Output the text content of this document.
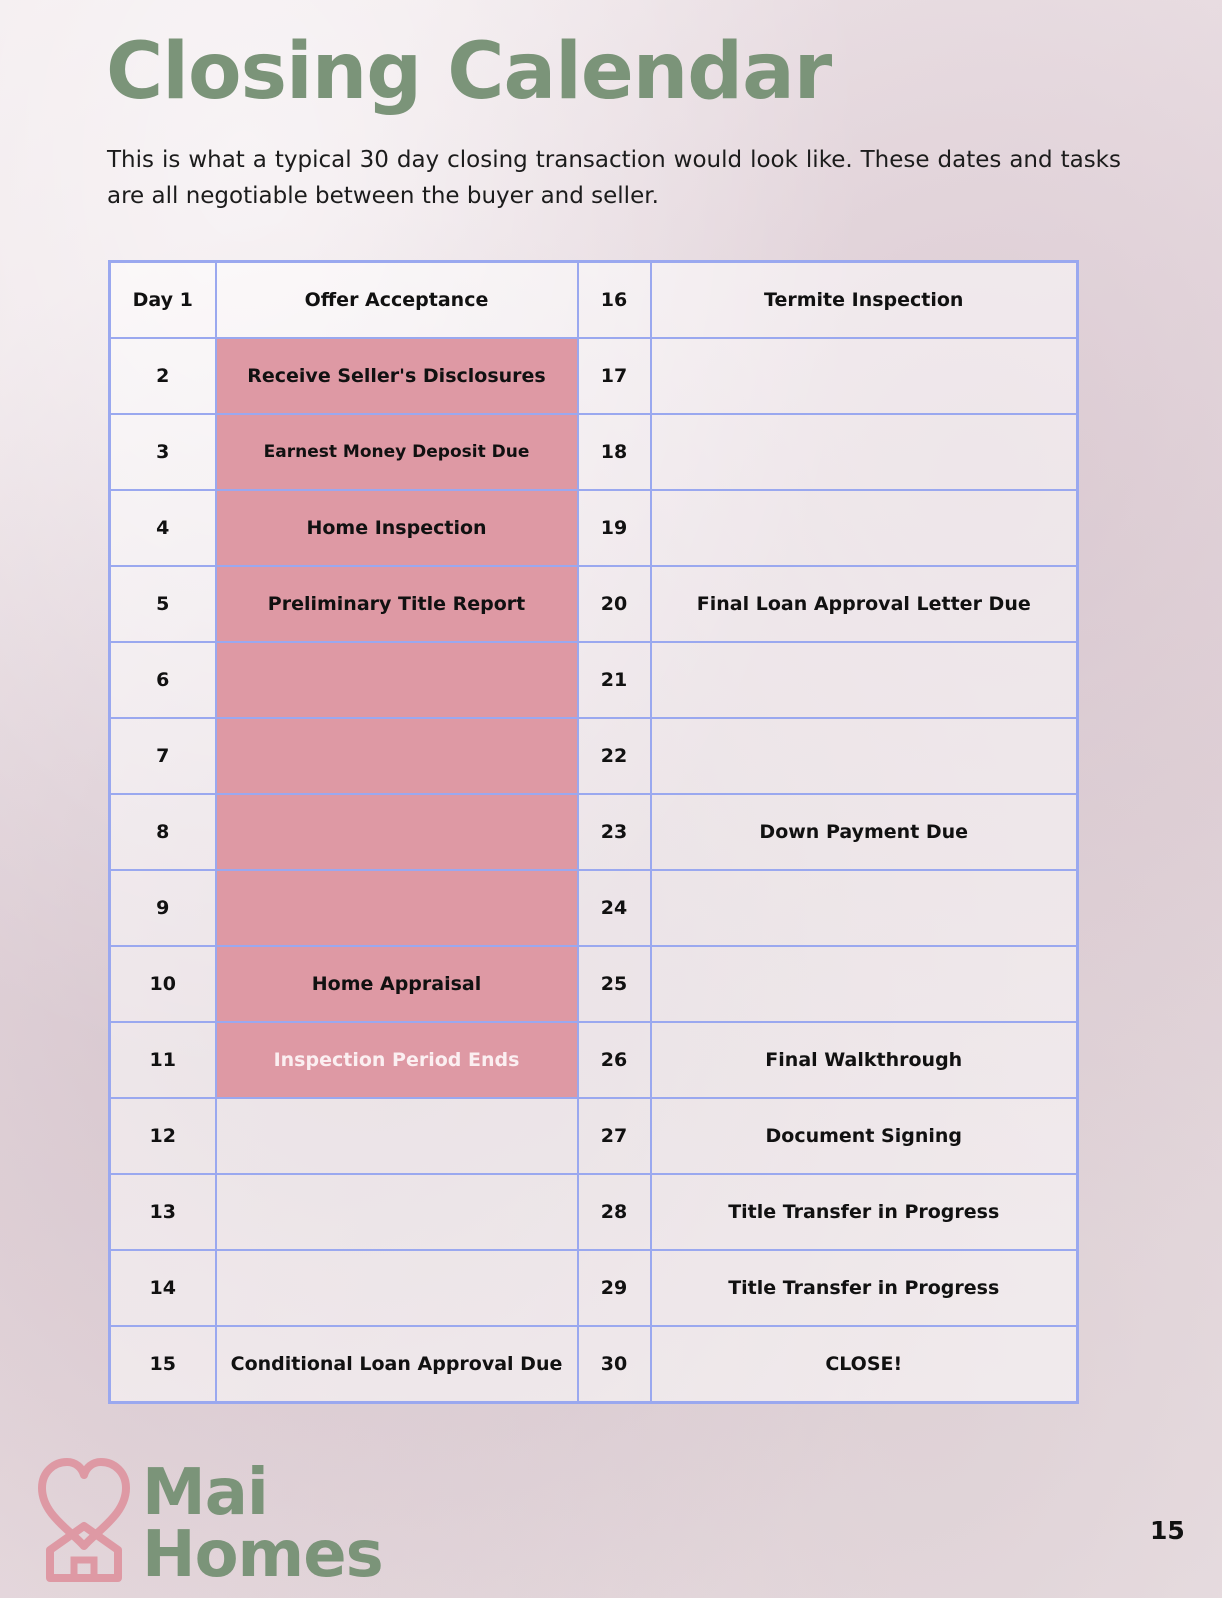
Closing Calendar

This is what a typical 30 day closing transaction would look like. These dates and tasks are all negotiable between the buyer and seller.

Day 1	Offer Acceptance	16	Termite Inspection
2	Receive Seller's Disclosures	17	
3	Earnest Money Deposit Due	18	
4	Home Inspection	19	
5	Preliminary Title Report	20	Final Loan Approval Letter Due
6		21	
7		22	
8		23	Down Payment Due
9		24	
10	Home Appraisal	25	
11	Inspection Period Ends	26	Final Walkthrough
12		27	Document Signing
13		28	Title Transfer in Progress
14		29	Title Transfer in Progress
15	Conditional Loan Approval Due	30	CLOSE!
Mai
Homes	15
